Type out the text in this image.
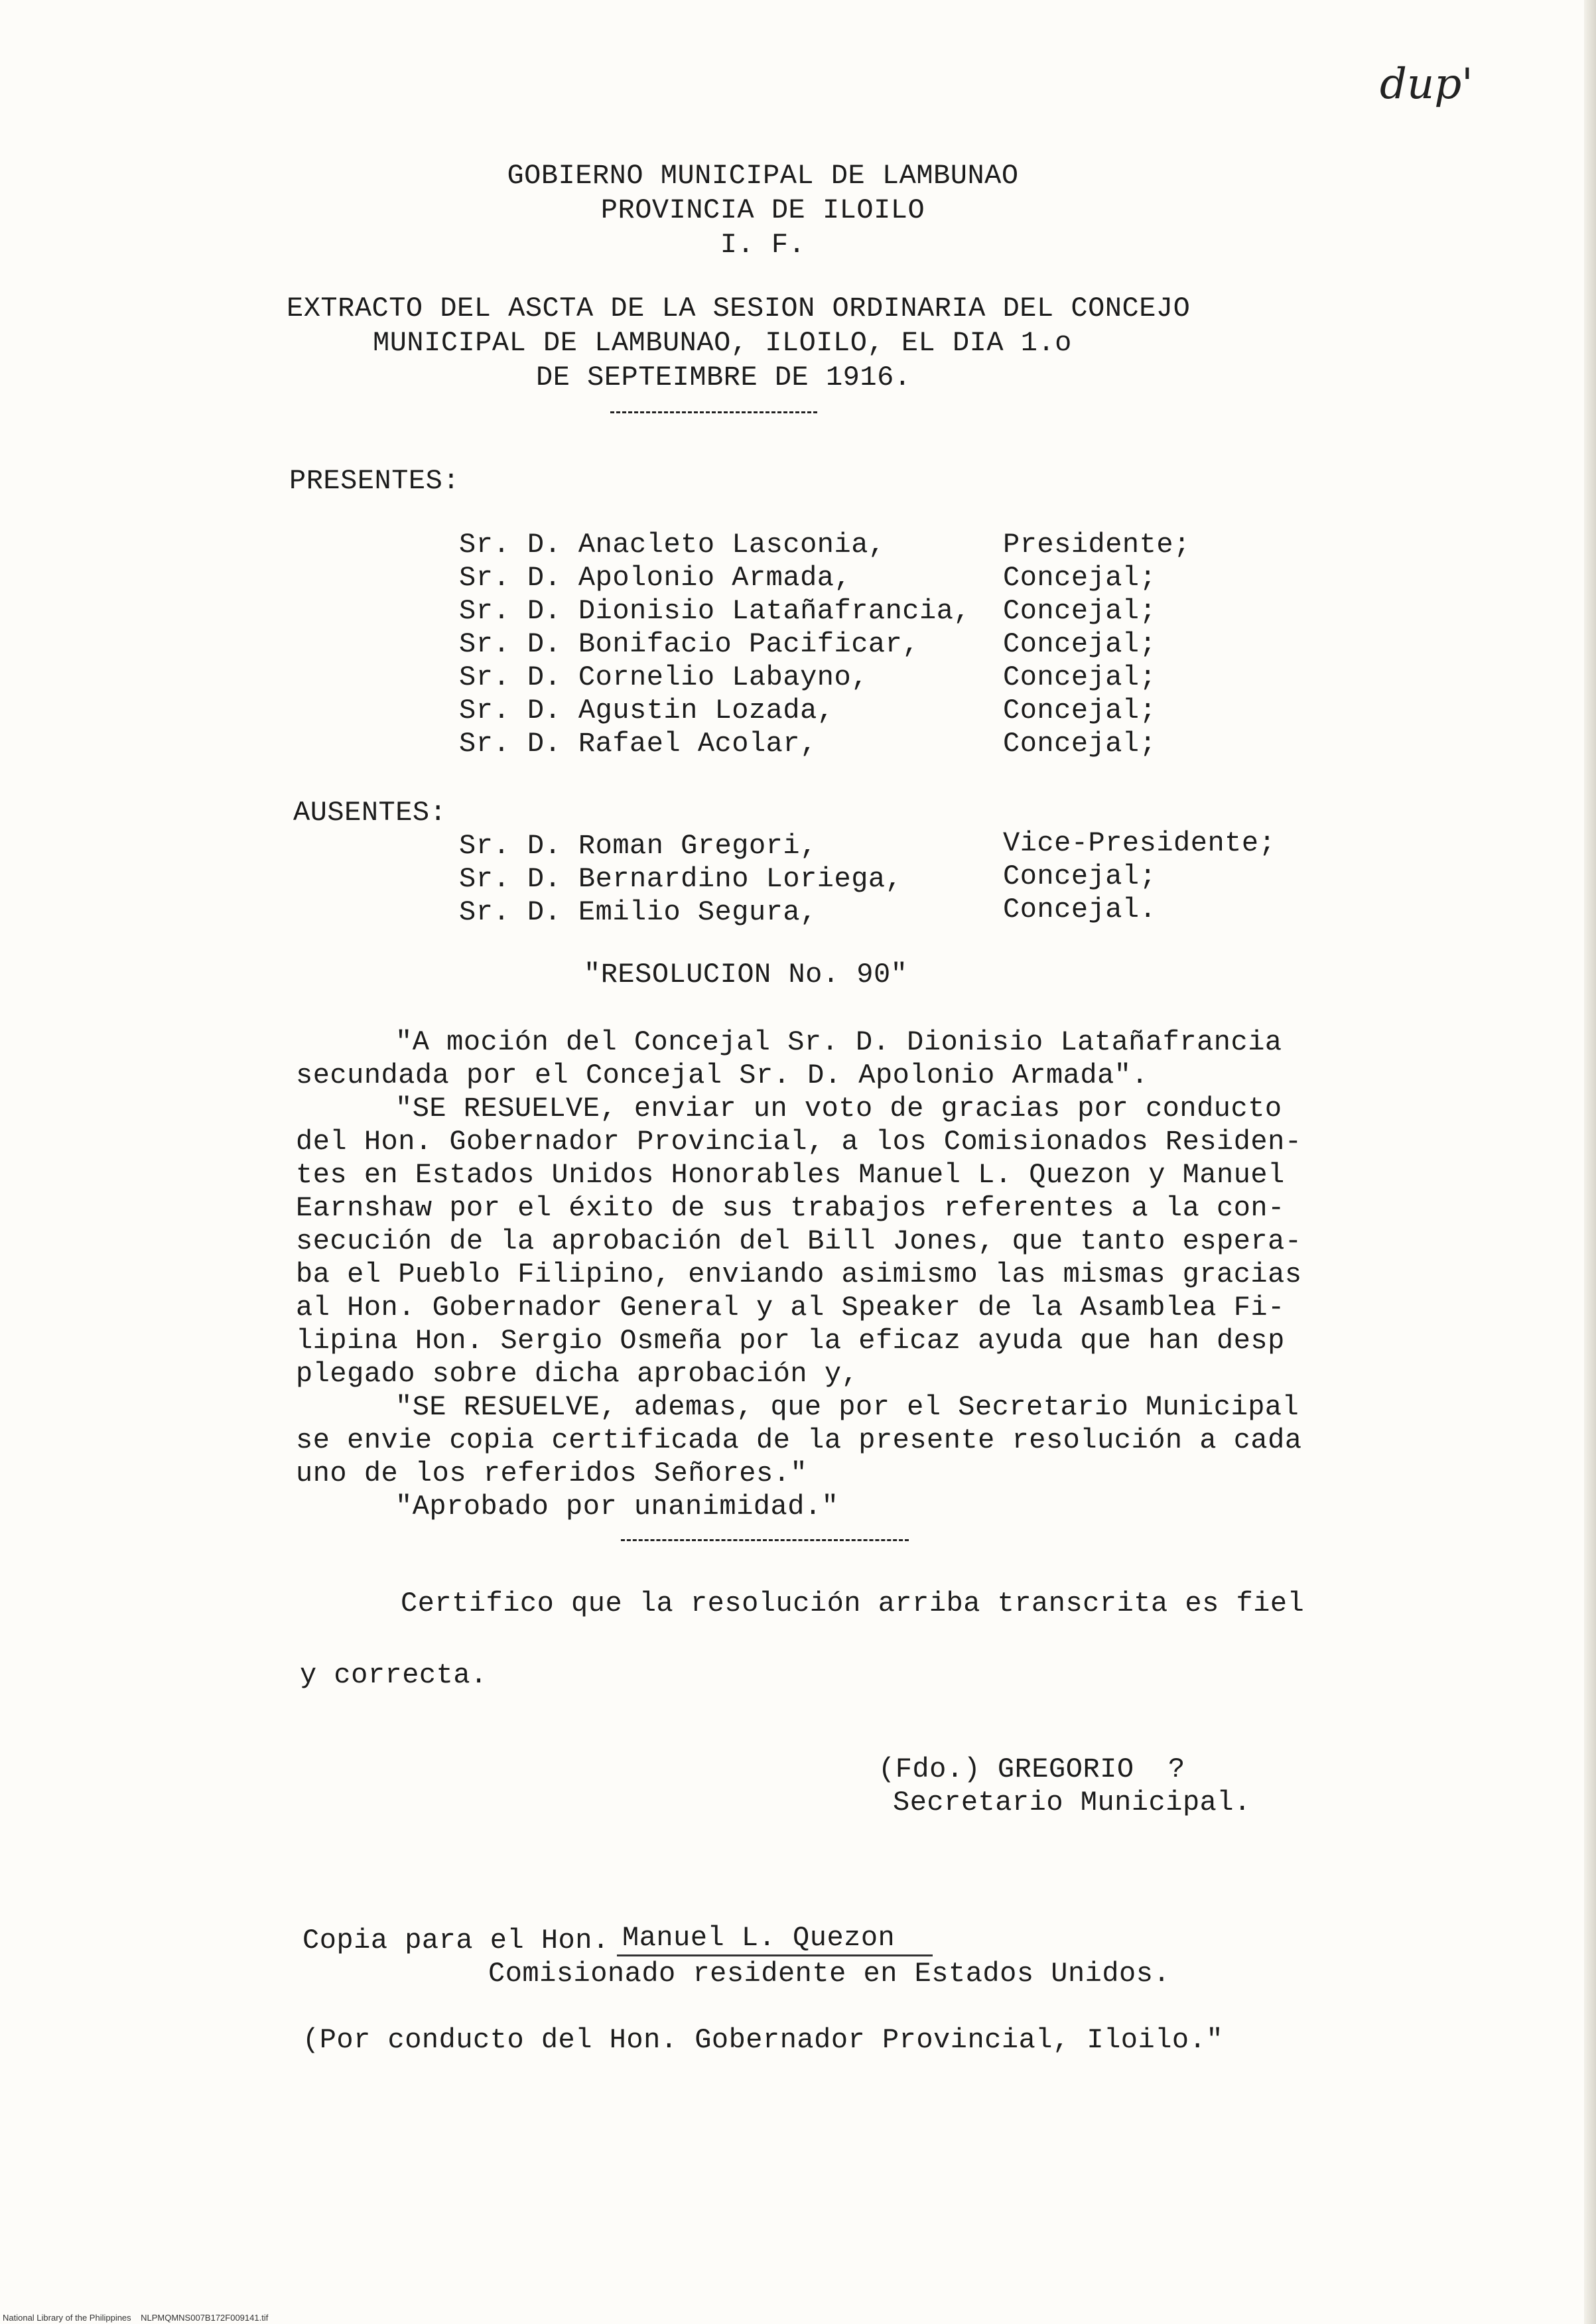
dup'
GOBIERNO MUNICIPAL DE LAMBUNAO
PROVINCIA DE ILOILO
I. F.
EXTRACTO DEL ASCTA DE LA SESION ORDINARIA DEL CONCEJO
MUNICIPAL DE LAMBUNAO, ILOILO, EL DIA 1.o
DE SEPTEIMBRE DE 1916.
PRESENTES:
Sr. D. Anacleto Lasconia,	Presidente;
Sr. D. Apolonio Armada,	Concejal;
Sr. D. Dionisio Latañafrancia, Concejal;
Sr. D. Bonifacio Pacificar,	Concejal;
Sr. D. Cornelio Labayno,	Concejal;
Sr. D. Agustin Lozada,	Concejal;
Sr. D. Rafael Acolar,	Concejal;
AUSENTES:
Sr. D. Roman Gregori,	Vice-Presidente;
Sr. D. Bernardino Loriega,	Concejal;
Sr. D. Emilio Segura,	Concejal.
"RESOLUCION No. 90"
"A moción del Concejal Sr. D. Dionisio Latañafrancia
secundada por el Concejal Sr. D. Apolonio Armada".
"SE RESUELVE, enviar un voto de gracias por conducto
del Hon. Gobernador Provincial, a los Comisionados Residen-
tes en Estados Unidos Honorables Manuel L. Quezon y Manuel
Earnshaw por el éxito de sus trabajos referentes a la con-
secución de la aprobación del Bill Jones, que tanto espera-
ba el Pueblo Filipino, enviando asimismo las mismas gracias
al Hon. Gobernador General y al Speaker de la Asamblea Fi-
lipina Hon. Sergio Osmeña por la eficaz ayuda que han desp
plegado sobre dicha aprobación y,
"SE RESUELVE, ademas, que por el Secretario Municipal
se envie copia certificada de la presente resolución a cada
uno de los referidos Señores."
"Aprobado por unanimidad."
Certifico que la resolución arriba transcrita es fiel
y correcta.
(Fdo.) GREGORIO  ?
Secretario Municipal.
Copia para el Hon. Manuel L. Quezon
Comisionado residente en Estados Unidos.
(Por conducto del Hon. Gobernador Provincial, Iloilo."
National Library of the Philippines    NLPMQMNS007B172F009141.tif
